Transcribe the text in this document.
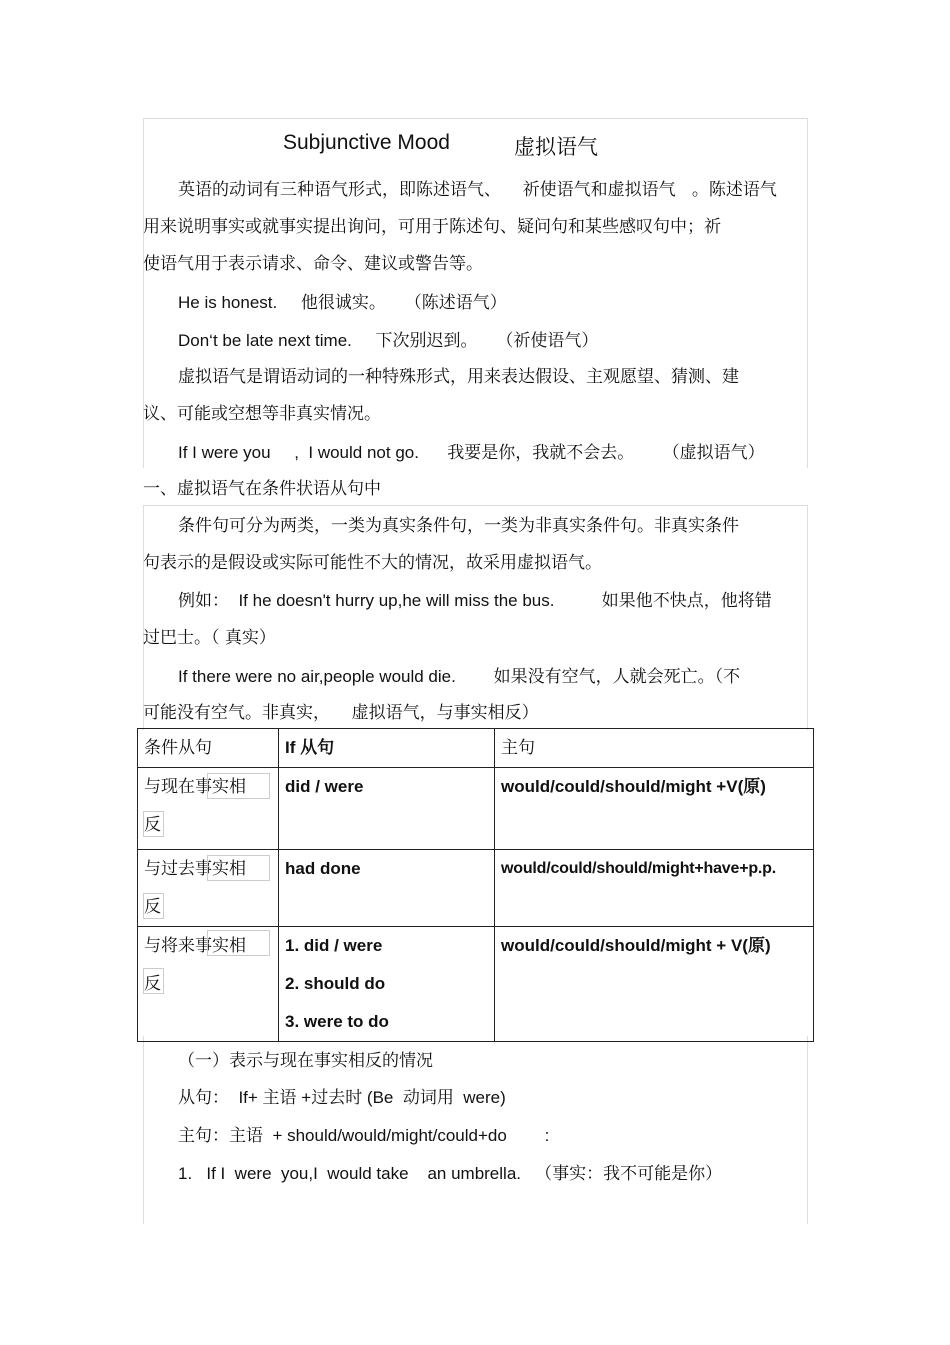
Subjunctive Mood	虚拟语气
英语的动词有三种语气形式，即陈述语气、    祈使语气和虚拟语气   。陈述语气
用来说明事实或就事实提出询问，可用于陈述句、疑问句和某些感叹句中；祈
使语气用于表示请求、命令、建议或警告等。
He is honest.     他很诚实。    （陈述语气）
Don‘t be late next time.     下次别迟到。    （祈使语气）
虚拟语气是谓语动词的一种特殊形式，用来表达假设、主观愿望、猜测、建
议、可能或空想等非真实情况。
If I were you     ,  I would not go.      我要是你，我就不会去。      （虚拟语气）
一、虚拟语气在条件状语从句中
条件句可分为两类，一类为真实条件句，一类为非真实条件句。非真实条件
句表示的是假设或实际可能性不大的情况，故采用虚拟语气。
例如：  If he doesn't hurry up,he will miss the bus.          如果他不快点，他将错
过巴士。（ 真实）
If there were no air,people would die.        如果没有空气，人就会死亡。（不
可能没有空气。非真实，    虚拟语气，与事实相反）
条件从句	If 从句	主句
与现在事实相
反	did / were	would/could/should/might +V(原)
与过去事实相
反	had done	would/could/should/might+have+p.p.
与将来事实相
反	1. did / were
2. should do
3. were to do	would/could/should/might + V(原)
（一）表示与现在事实相反的情况
从句：  If+ 主语 +过去时 (Be  动词用  were)
主句：主语  + should/would/might/could+do        :
1.   If I  were  you,I  would take    an umbrella.   （事实：我不可能是你）
